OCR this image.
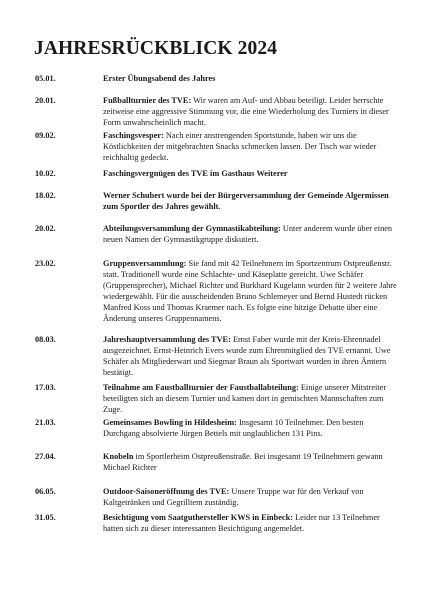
JAHRESRÜCKBLICK 2024
05.01.	Erster Übungsabend des Jahres
20.01.	Fußballturnier des TVE: Wir waren am Auf- und Abbau beteiligt. Leider herrschte zeitweise eine aggressive Stimmung vor, die eine Wiederholung des Turniers in dieser Form unwahrscheinlich macht.
09.02.	Faschingsvesper: Nach einer anstrengenden Sportstunde, haben wir uns die Köstlichkeiten der mitgebrachten Snacks schmecken lassen. Der Tisch war wieder reichhaltig gedeckt.
10.02.	Faschingsvergnügen des TVE im Gasthaus Weiterer
18.02.	Werner Schubert wurde bei der Bürgerversammlung der Gemeinde Algermissen zum Sportler des Jahres gewählt.
20.02.	Abteilungsversammlung der Gymnastikabteilung: Unter anderem wurde über einen neuen Namen der Gymnastikgruppe diskutiert.
23.02.	Gruppenversammlung: Sie fand mit 42 Teilnehmern im Sportzentrum Ostpreußenstr. statt. Traditionell wurde eine Schlachte- und Käseplatte gereicht. Uwe Schäfer (Gruppensprecher), Michael Richter und Burkhard Kugelann wurden für 2 weitere Jahre wiedergewählt. Für die ausscheidenden Bruno Schlemeyer und Bernd Hustedt rücken Manfred Koss und Thomas Kraemer nach. Es folgte eine hitzige Debatte über eine Änderung unseres Gruppennamens.
08.03.	Jahreshauptversammlung des TVE: Ernst Faber wurde mit der Kreis-Ehrennadel ausgezeichnet. Ernst-Heinrich Evers wurde zum Ehrenmitglied des TVE ernannt. Uwe Schäfer als Mitgliederwart und Siegmar Braun als Sportwart wurden in ihren Ämtern bestätigt.
17.03.	Teilnahme am Faustballturnier der Faustballabteilung: Einige unserer Mitstreiter beteiligten sich an diesem Turnier und kamen dort in gemischten Mannschaften zum Zuge.
21.03.	Gemeinsames Bowling in Hildesheim: Insgesamt 10 Teilnehmer. Den besten Durchgang absolvierte Jürgen Bettels mit unglaublichen 131 Pins.
27.04.	Knobeln im Sportlerheim Ostpreußenstraße. Bei insgesamt 19 Teilnehmern gewann Michael Richter
06.05.	Outdoor-Saisoneröffnung des TVE: Unsere Truppe war für den Verkauf von Kaltgetränken und Gegrilltem zuständig.
31.05.	Besichtigung vom Saatguthersteller KWS in Einbeck: Leider nur 13 Teilnehmer hatten sich zu dieser interessanten Besichtigung angemeldet.
